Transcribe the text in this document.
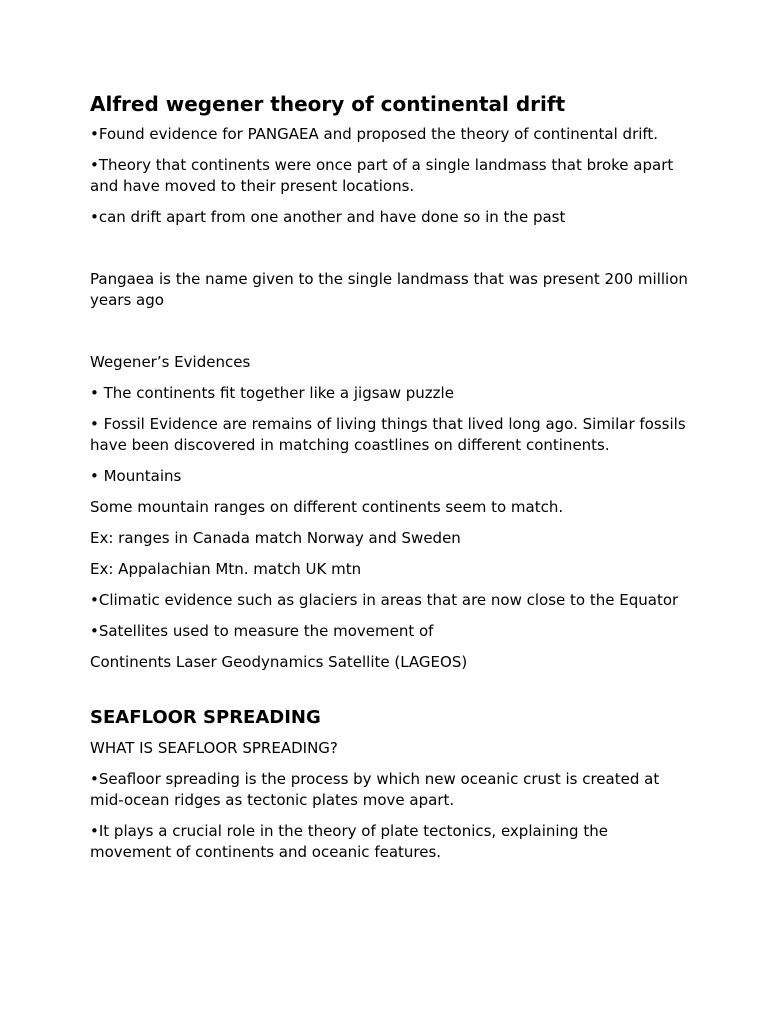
Alfred wegener theory of continental drift
•Found evidence for PANGAEA and proposed the theory of continental drift.
•Theory that continents were once part of a single landmass that broke apart and have moved to their present locations.
•can drift apart from one another and have done so in the past
Pangaea is the name given to the single landmass that was present 200 million years ago
Wegener’s Evidences
• The continents fit together like a jigsaw puzzle
• Fossil Evidence are remains of living things that lived long ago. Similar fossils have been discovered in matching coastlines on different continents.
• Mountains
Some mountain ranges on different continents seem to match.
Ex: ranges in Canada match Norway and Sweden
Ex: Appalachian Mtn. match UK mtn
•Climatic evidence such as glaciers in areas that are now close to the Equator
•Satellites used to measure the movement of
Continents Laser Geodynamics Satellite (LAGEOS)
SEAFLOOR SPREADING
WHAT IS SEAFLOOR SPREADING?
•Seafloor spreading is the process by which new oceanic crust is created at mid-ocean ridges as tectonic plates move apart.
•It plays a crucial role in the theory of plate tectonics, explaining the movement of continents and oceanic features.
